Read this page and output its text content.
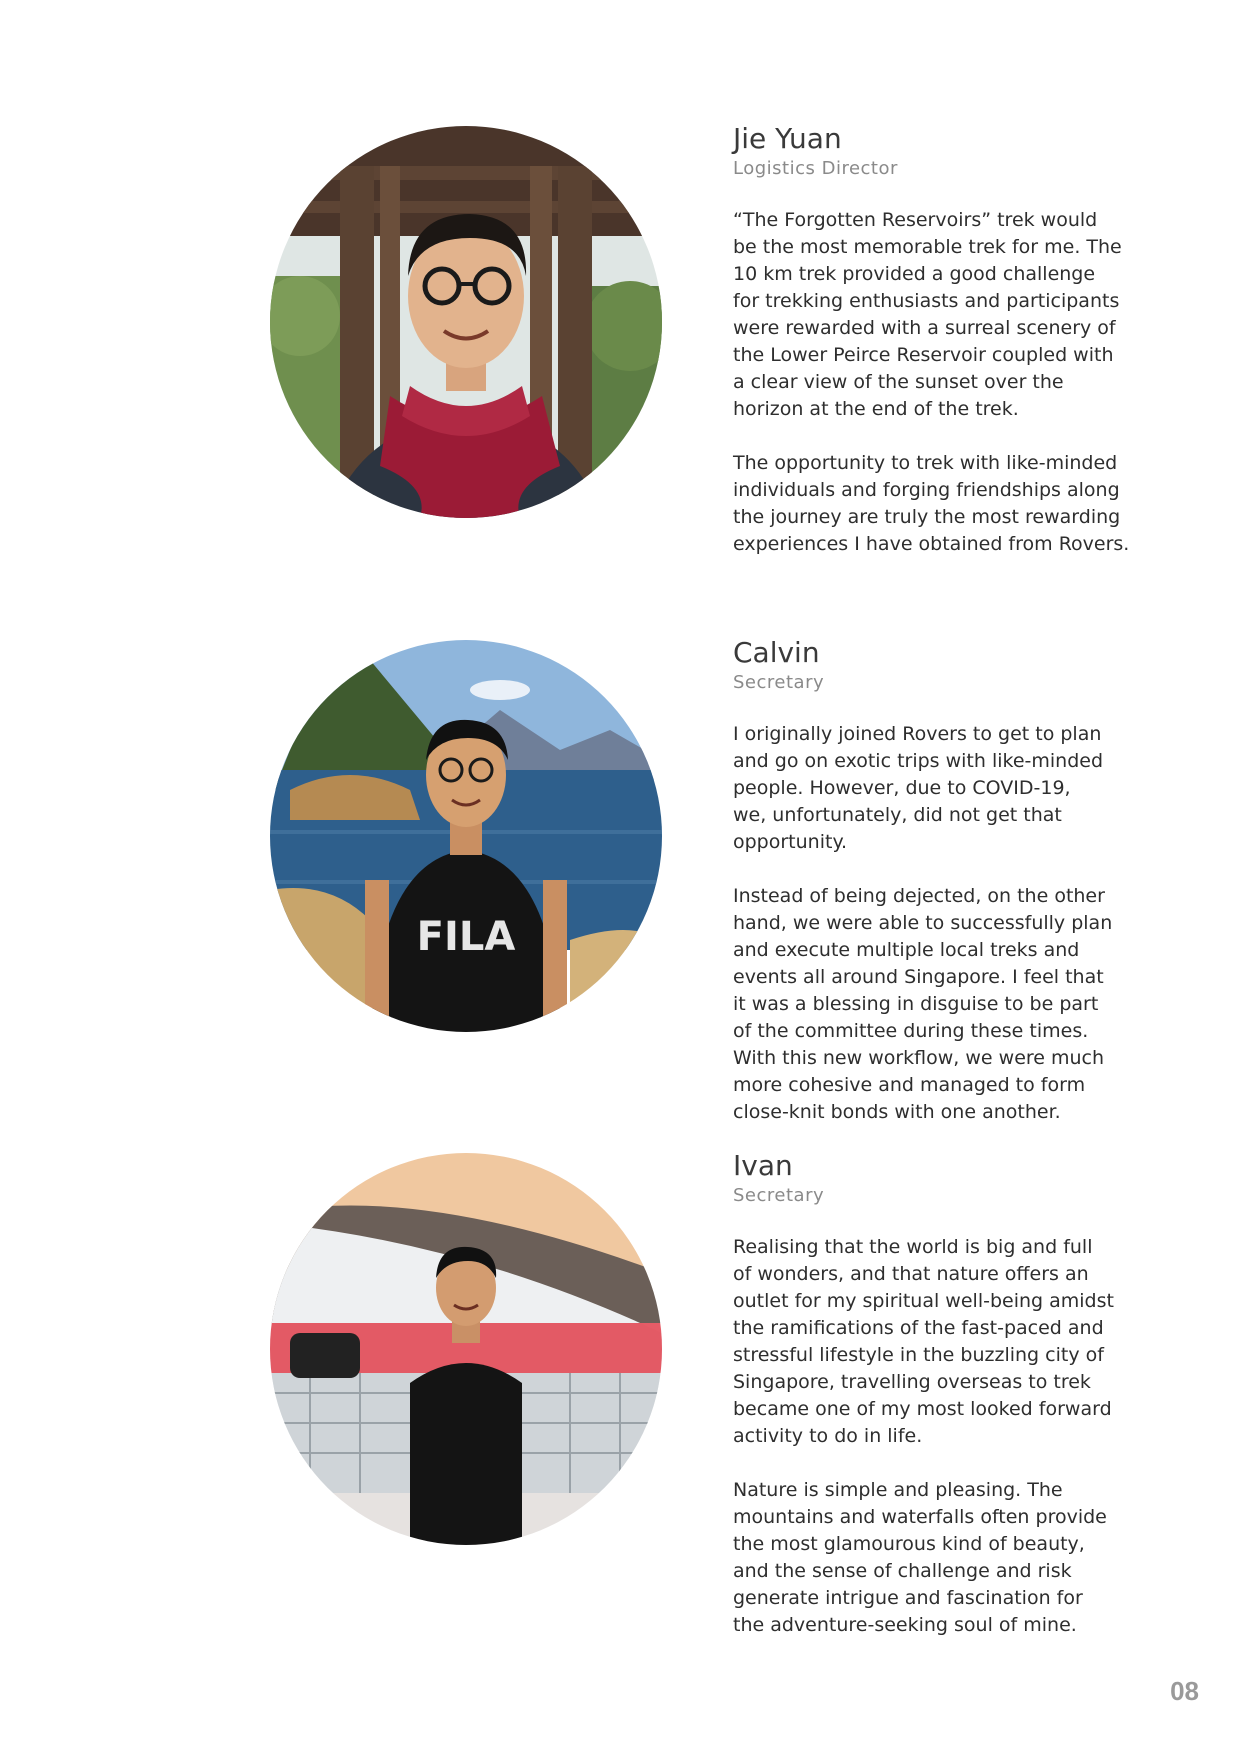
Jie Yuan
Logistics Director
“The Forgotten Reservoirs” trek would
be the most memorable trek for me. The
10 km trek provided a good challenge
for trekking enthusiasts and participants
were rewarded with a surreal scenery of
the Lower Peirce Reservoir coupled with
a clear view of the sunset over the
horizon at the end of the trek.
The opportunity to trek with like-minded
individuals and forging friendships along
the journey are truly the most rewarding
experiences I have obtained from Rovers.
FILA
Calvin
Secretary
I originally joined Rovers to get to plan
and go on exotic trips with like-minded
people. However, due to COVID-19,
we, unfortunately, did not get that
opportunity.
Instead of being dejected, on the other
hand, we were able to successfully plan
and execute multiple local treks and
events all around Singapore. I feel that
it was a blessing in disguise to be part
of the committee during these times.
With this new workflow, we were much
more cohesive and managed to form
close-knit bonds with one another.
Ivan
Secretary
Realising that the world is big and full
of wonders, and that nature offers an
outlet for my spiritual well-being amidst
the ramifications of the fast-paced and
stressful lifestyle in the buzzling city of
Singapore, travelling overseas to trek
became one of my most looked forward
activity to do in life.
Nature is simple and pleasing. The
mountains and waterfalls often provide
the most glamourous kind of beauty,
and the sense of challenge and risk
generate intrigue and fascination for
the adventure-seeking soul of mine.
08
